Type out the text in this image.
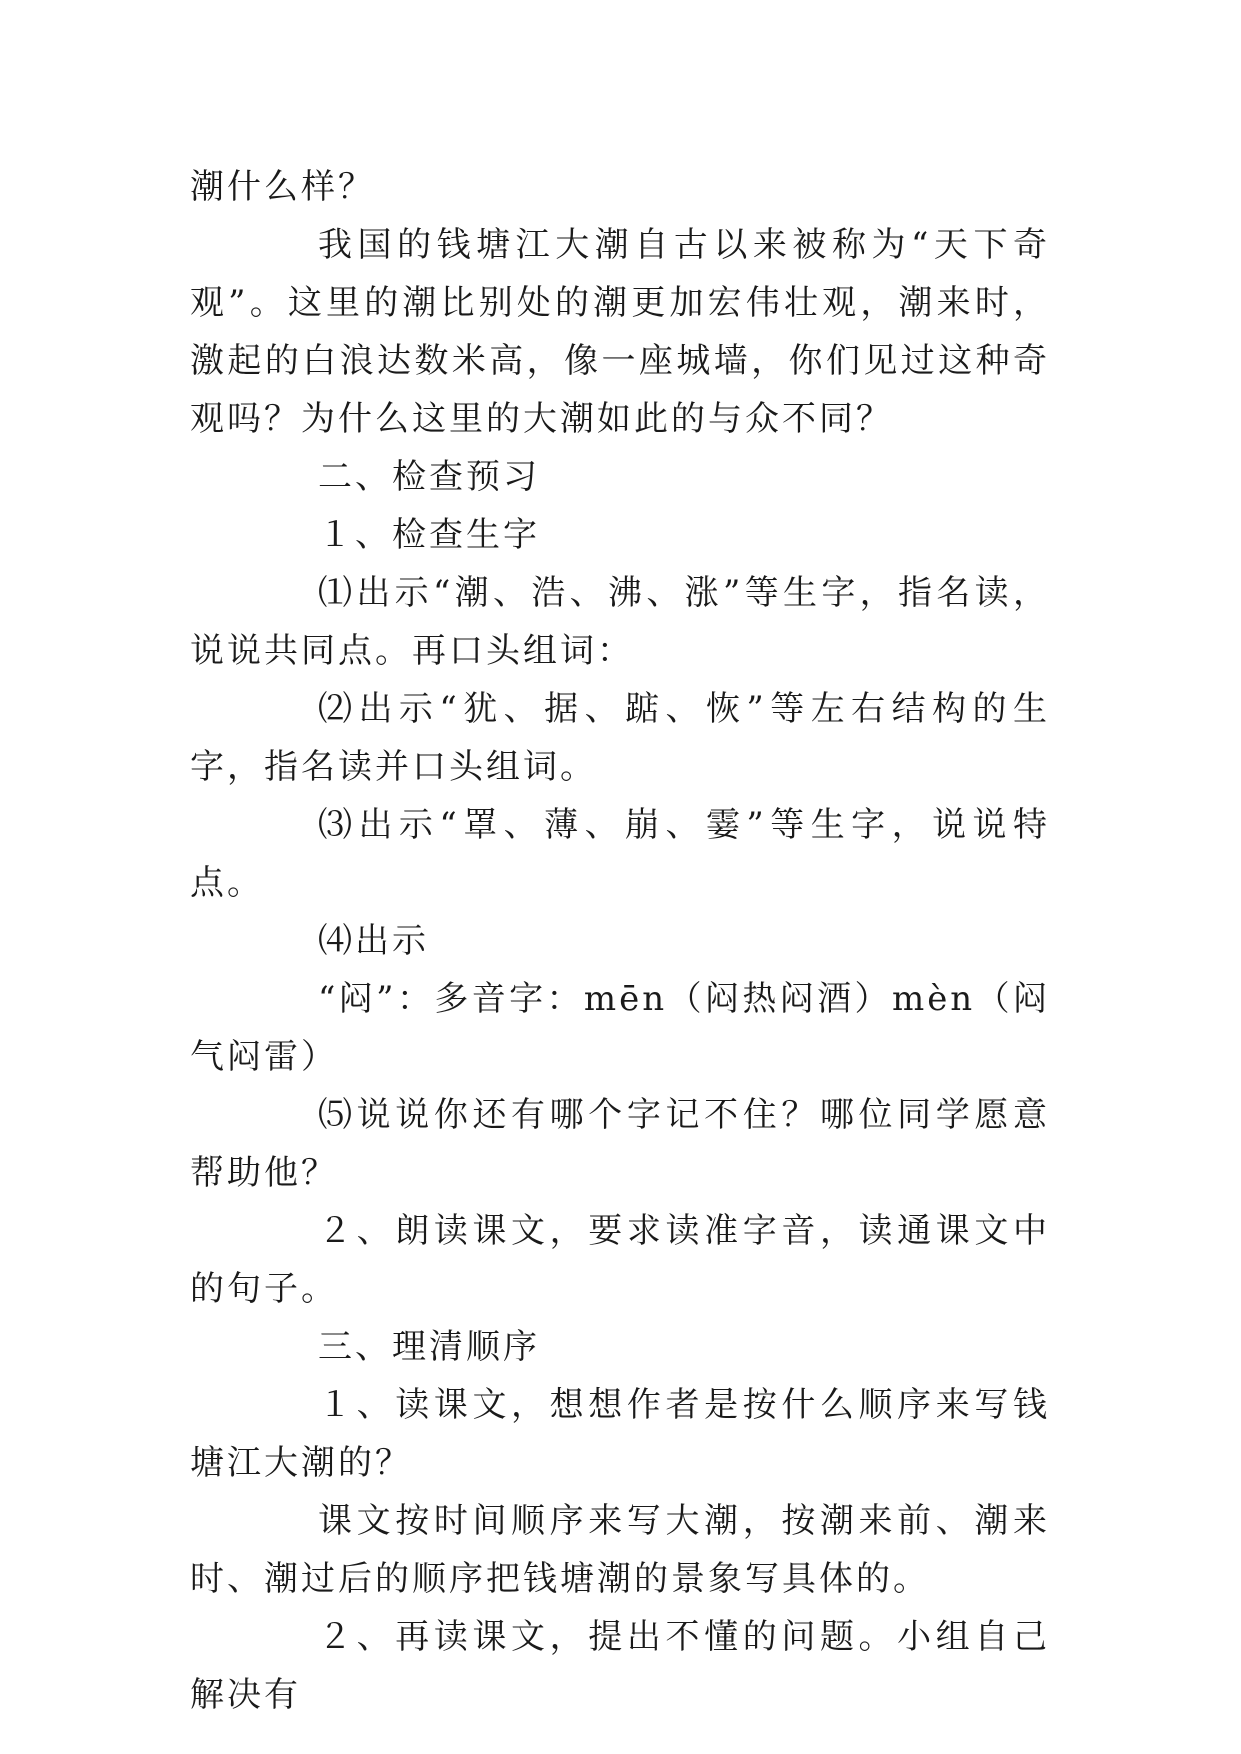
潮什么样？

我国的钱塘江大潮自古以来被称为“天下奇观”。这里的潮比别处的潮更加宏伟壮观，潮来时，激起的白浪达数米高，像一座城墙，你们见过这种奇观吗？为什么这里的大潮如此的与众不同？

二、检查预习

１、检查生字

⑴出示“潮、浩、沸、涨”等生字，指名读，说说共同点。再口头组词：

⑵出示“犹、据、踮、恢”等左右结构的生字，指名读并口头组词。

⑶出示“罩、薄、崩、霎”等生字，说说特点。

⑷出示

“闷”：多音字：mēn（闷热闷酒）mèn（闷气闷雷）

⑸说说你还有哪个字记不住？哪位同学愿意帮助他？

２、朗读课文，要求读准字音，读通课文中的句子。

三、理清顺序

１、读课文，想想作者是按什么顺序来写钱塘江大潮的？

课文按时间顺序来写大潮，按潮来前、潮来时、潮过后的顺序把钱塘潮的景象写具体的。

２、再读课文，提出不懂的问题。小组自己解决有
